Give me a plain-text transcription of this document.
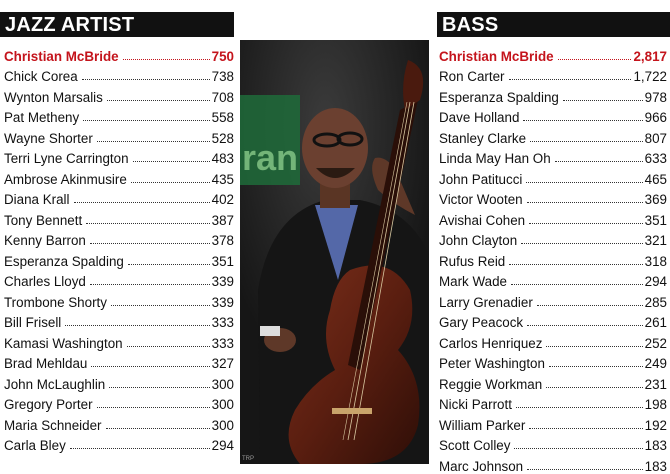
JAZZ ARTIST
Christian McBride	750
Chick Corea	738
Wynton Marsalis	708
Pat Metheny	558
Wayne Shorter	528
Terri Lyne Carrington	483
Ambrose Akinmusire	435
Diana Krall	402
Tony Bennett	387
Kenny Barron	378
Esperanza Spalding	351
Charles Lloyd	339
Trombone Shorty	339
Bill Frisell	333
Kamasi Washington	333
Brad Mehldau	327
John McLaughlin	300
Gregory Porter	300
Maria Schneider	300
Carla Bley	294
ran
TRP
BASS
Christian McBride	2,817
Ron Carter	1,722
Esperanza Spalding	978
Dave Holland	966
Stanley Clarke	807
Linda May Han Oh	633
John Patitucci	465
Victor Wooten	369
Avishai Cohen	351
John Clayton	321
Rufus Reid	318
Mark Wade	294
Larry Grenadier	285
Gary Peacock	261
Carlos Henriquez	252
Peter Washington	249
Reggie Workman	231
Nicki Parrott	198
William Parker	192
Scott Colley	183
Marc Johnson	183
